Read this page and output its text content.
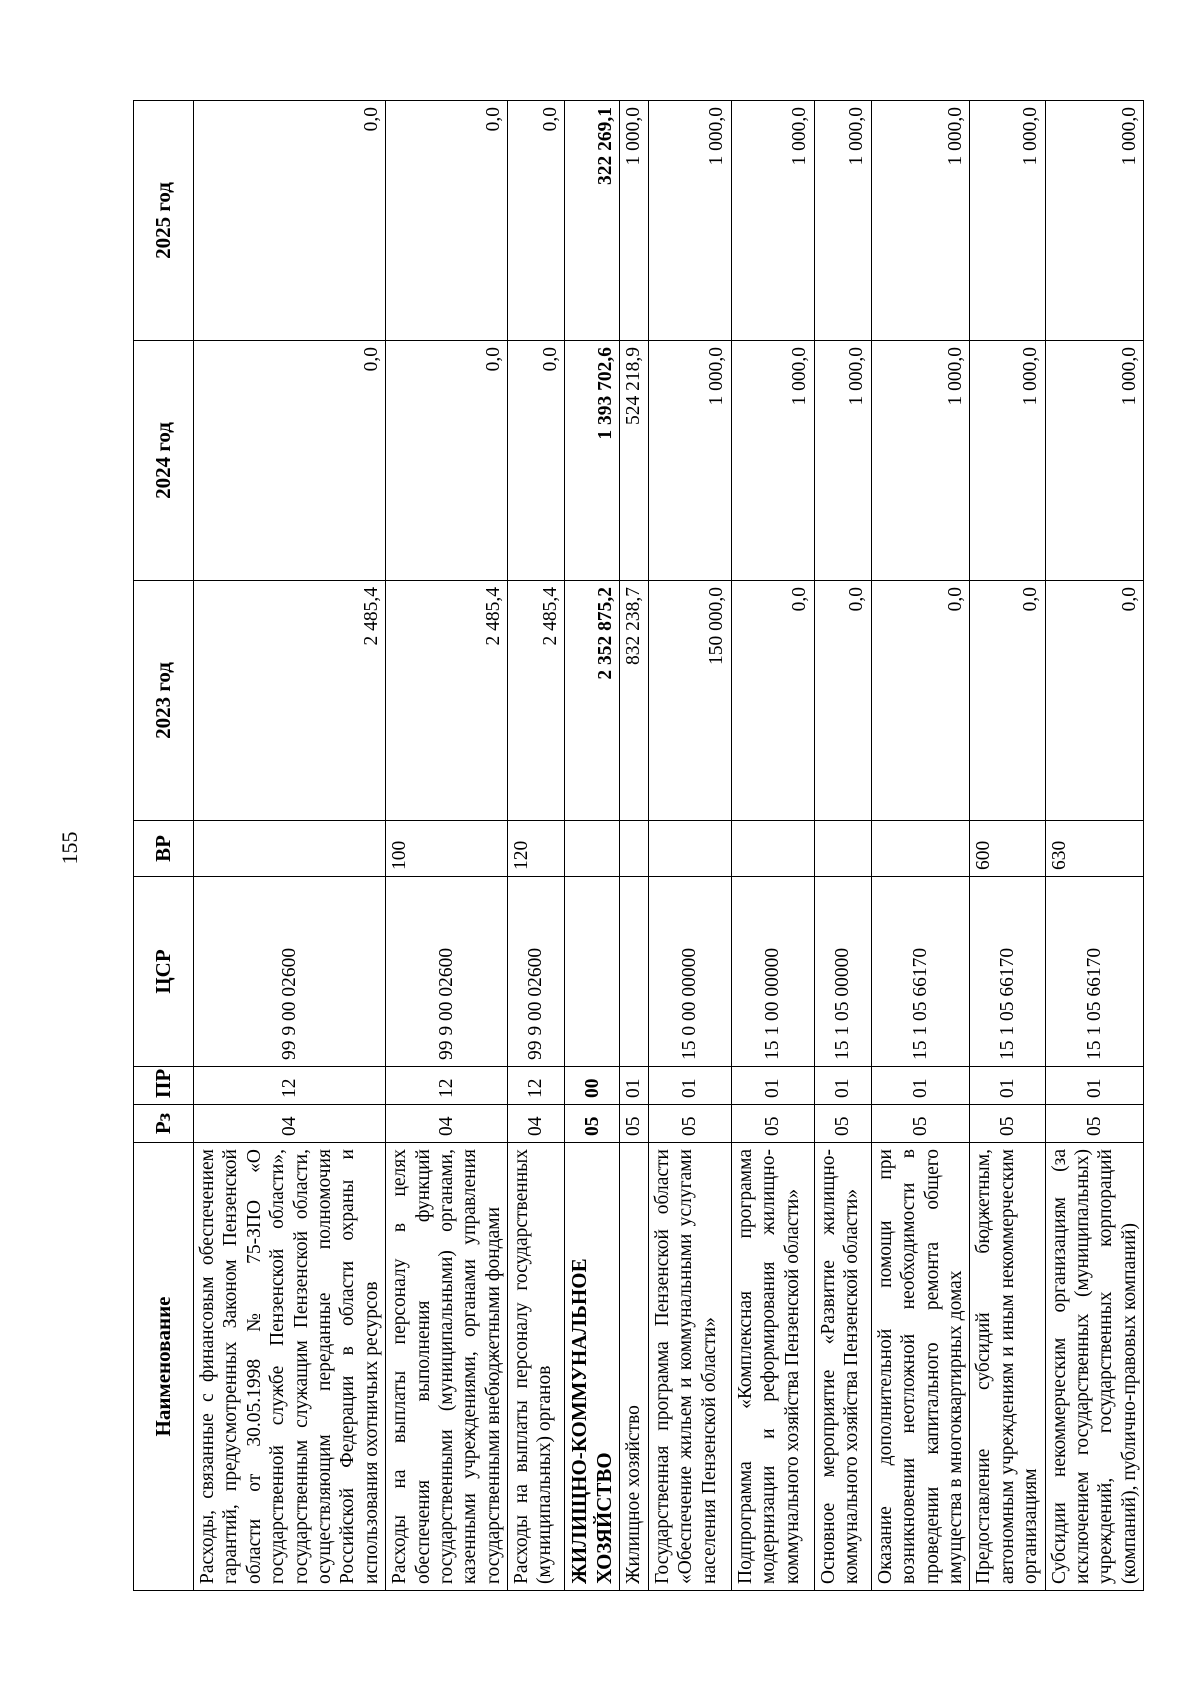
155
Наименование	Рз	ПР	ЦСР	ВР	2023 год	2024 год	2025 год
Расходы, связанные с финансовым обеспечением гарантий, предусмотренных Законом Пензенской области от 30.05.1998 № 75-ЗПО «О государственной службе Пензенской области», государственным служащим Пензенской области, осуществляющим переданные полномочия Российской Федерации в области охраны и использования охотничьих ресурсов	04	12	99 9 00 02600		2 485,4	0,0	0,0
Расходы на выплаты персоналу в целях обеспечения выполнения функций государственными (муниципальными) органами, казенными учреждениями, органами управления государственными внебюджетными фондами	04	12	99 9 00 02600	100	2 485,4	0,0	0,0
Расходы на выплаты персоналу государственных (муниципальных) органов	04	12	99 9 00 02600	120	2 485,4	0,0	0,0
ЖИЛИЩНО-КОММУНАЛЬНОЕ ХОЗЯЙСТВО	05	00			2 352 875,2	1 393 702,6	322 269,1
Жилищное хозяйство	05	01			832 238,7	524 218,9	1 000,0
Государственная программа Пензенской области «Обеспечение жильем и коммунальными услугами населения Пензенской области»	05	01	15 0 00 00000		150 000,0	1 000,0	1 000,0
Подпрограмма «Комплексная программа модернизации и реформирования жилищно-коммунального хозяйства Пензенской области»	05	01	15 1 00 00000		0,0	1 000,0	1 000,0
Основное мероприятие «Развитие жилищно-коммунального хозяйства Пензенской области»	05	01	15 1 05 00000		0,0	1 000,0	1 000,0
Оказание дополнительной помощи при возникновении неотложной необходимости в проведении капитального ремонта общего имущества в многоквартирных домах	05	01	15 1 05 66170		0,0	1 000,0	1 000,0
Предоставление субсидий бюджетным, автономным учреждениям и иным некоммерческим организациям	05	01	15 1 05 66170	600	0,0	1 000,0	1 000,0
Субсидии некоммерческим организациям (за исключением государственных (муниципальных) учреждений, государственных корпораций (компаний), публично-правовых компаний)	05	01	15 1 05 66170	630	0,0	1 000,0	1 000,0
